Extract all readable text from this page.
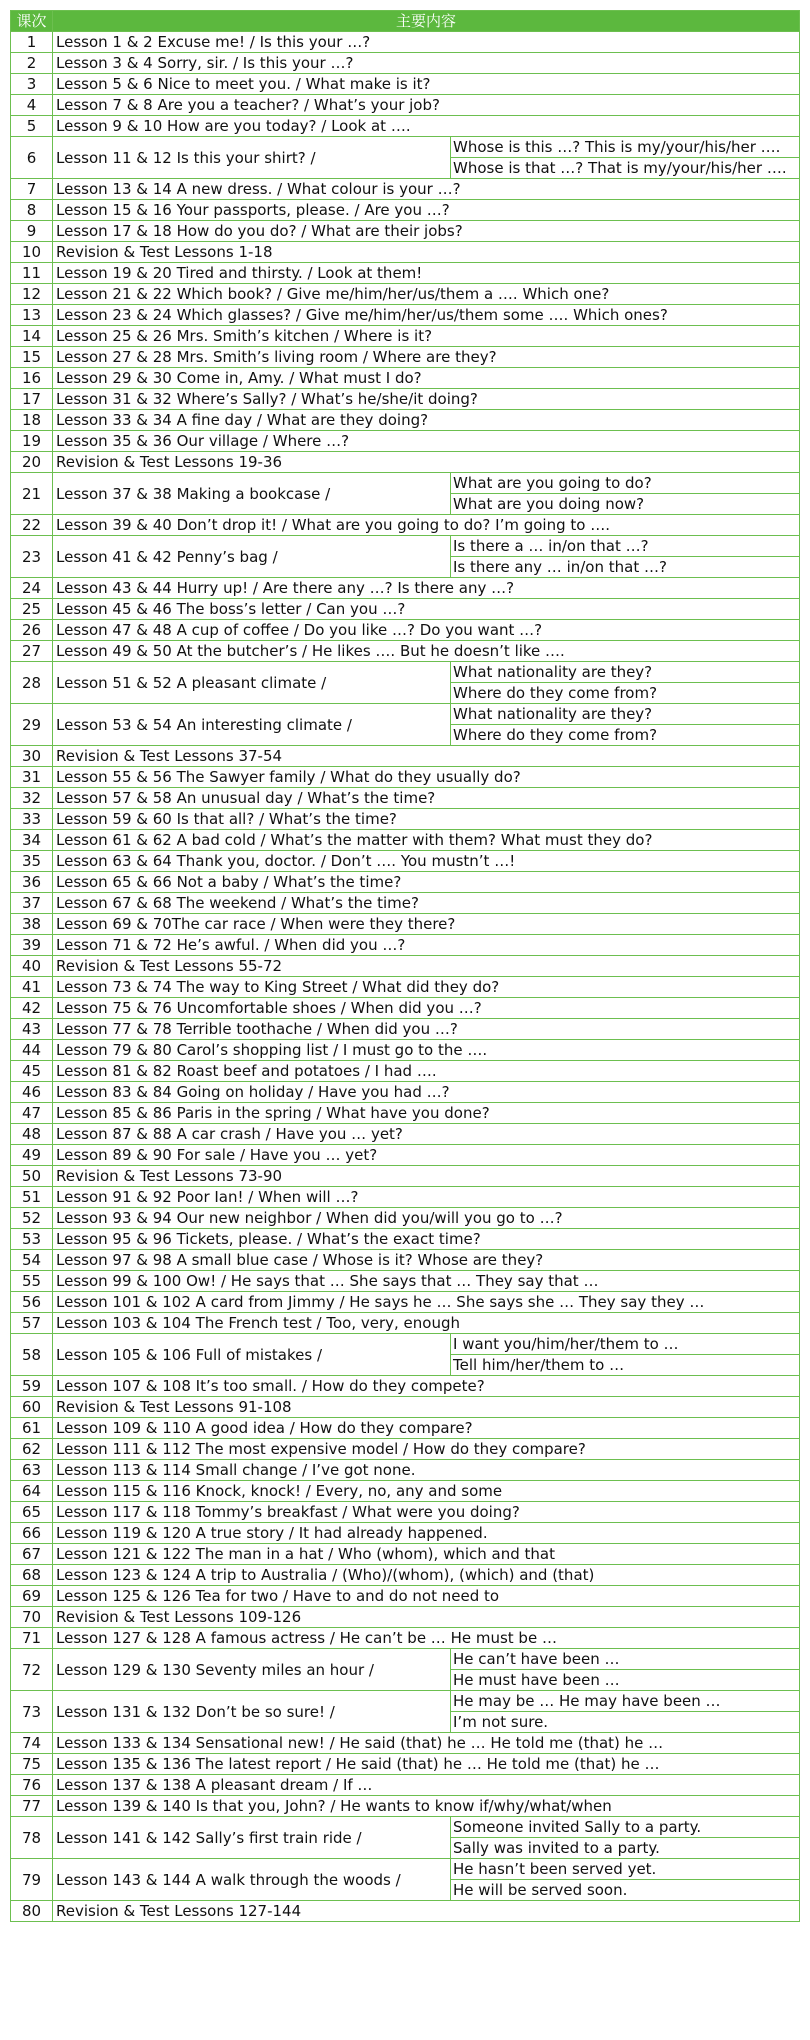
课次	主要内容	
1	Lesson 1 & 2 Excuse me! / Is this your …?	
2	Lesson 3 & 4 Sorry, sir. / Is this your …?	
3	Lesson 5 & 6 Nice to meet you. / What make is it?	
4	Lesson 7 & 8 Are you a teacher? / What’s your job?	
5	Lesson 9 & 10 How are you today? / Look at ….	
6	Lesson 11 & 12 Is this your shirt? /	Whose is this …? This is my/your/his/her ….
		Whose is that …? That is my/your/his/her ….
7	Lesson 13 & 14 A new dress. / What colour is your …?	
8	Lesson 15 & 16 Your passports, please. / Are you …?	
9	Lesson 17 & 18 How do you do? / What are their jobs?	
10	Revision & Test Lessons 1-18	
11	Lesson 19 & 20 Tired and thirsty. / Look at them!	
12	Lesson 21 & 22 Which book? / Give me/him/her/us/them a …. Which one?	
13	Lesson 23 & 24 Which glasses? / Give me/him/her/us/them some …. Which ones?	
14	Lesson 25 & 26 Mrs. Smith’s kitchen / Where is it?	
15	Lesson 27 & 28 Mrs. Smith’s living room / Where are they?	
16	Lesson 29 & 30 Come in, Amy. / What must I do?	
17	Lesson 31 & 32 Where’s Sally? / What’s he/she/it doing?	
18	Lesson 33 & 34 A fine day / What are they doing?	
19	Lesson 35 & 36 Our village / Where …?	
20	Revision & Test Lessons 19-36	
21	Lesson 37 & 38 Making a bookcase /	What are you going to do?
		What are you doing now?
22	Lesson 39 & 40 Don’t drop it! / What are you going to do? I’m going to ….	
23	Lesson 41 & 42 Penny’s bag /	Is there a … in/on that …?
		Is there any … in/on that …?
24	Lesson 43 & 44 Hurry up! / Are there any …? Is there any …?	
25	Lesson 45 & 46 The boss’s letter / Can you …?	
26	Lesson 47 & 48 A cup of coffee / Do you like …? Do you want …?	
27	Lesson 49 & 50 At the butcher’s / He likes …. But he doesn’t like ….	
28	Lesson 51 & 52 A pleasant climate /	What nationality are they?
		Where do they come from?
29	Lesson 53 & 54 An interesting climate /	What nationality are they?
		Where do they come from?
30	Revision & Test Lessons 37-54	
31	Lesson 55 & 56 The Sawyer family / What do they usually do?	
32	Lesson 57 & 58 An unusual day / What’s the time?	
33	Lesson 59 & 60 Is that all? / What’s the time?	
34	Lesson 61 & 62 A bad cold / What’s the matter with them? What must they do?	
35	Lesson 63 & 64 Thank you, doctor. / Don’t …. You mustn’t …!	
36	Lesson 65 & 66 Not a baby / What’s the time?	
37	Lesson 67 & 68 The weekend / What’s the time?	
38	Lesson 69 & 70The car race / When were they there?	
39	Lesson 71 & 72 He’s awful. / When did you …?	
40	Revision & Test Lessons 55-72	
41	Lesson 73 & 74 The way to King Street / What did they do?	
42	Lesson 75 & 76 Uncomfortable shoes / When did you …?	
43	Lesson 77 & 78 Terrible toothache / When did you …?	
44	Lesson 79 & 80 Carol’s shopping list / I must go to the ….	
45	Lesson 81 & 82 Roast beef and potatoes / I had ….	
46	Lesson 83 & 84 Going on holiday / Have you had …?	
47	Lesson 85 & 86 Paris in the spring / What have you done?	
48	Lesson 87 & 88 A car crash / Have you … yet?	
49	Lesson 89 & 90 For sale / Have you … yet?	
50	Revision & Test Lessons 73-90	
51	Lesson 91 & 92 Poor Ian! / When will …?	
52	Lesson 93 & 94 Our new neighbor / When did you/will you go to …?	
53	Lesson 95 & 96 Tickets, please. / What’s the exact time?	
54	Lesson 97 & 98 A small blue case / Whose is it? Whose are they?	
55	Lesson 99 & 100 Ow! / He says that … She says that … They say that …	
56	Lesson 101 & 102 A card from Jimmy / He says he … She says she … They say they …	
57	Lesson 103 & 104 The French test / Too, very, enough	
58	Lesson 105 & 106 Full of mistakes /	I want you/him/her/them to …
		Tell him/her/them to …
59	Lesson 107 & 108 It’s too small. / How do they compete?	
60	Revision & Test Lessons 91-108	
61	Lesson 109 & 110 A good idea / How do they compare?	
62	Lesson 111 & 112 The most expensive model / How do they compare?	
63	Lesson 113 & 114 Small change / I’ve got none.	
64	Lesson 115 & 116 Knock, knock! / Every, no, any and some	
65	Lesson 117 & 118 Tommy’s breakfast / What were you doing?	
66	Lesson 119 & 120 A true story / It had already happened.	
67	Lesson 121 & 122 The man in a hat / Who (whom), which and that	
68	Lesson 123 & 124 A trip to Australia / (Who)/(whom), (which) and (that)	
69	Lesson 125 & 126 Tea for two / Have to and do not need to	
70	Revision & Test Lessons 109-126	
71	Lesson 127 & 128 A famous actress / He can’t be … He must be …	
72	Lesson 129 & 130 Seventy miles an hour /	He can’t have been …
		He must have been …
73	Lesson 131 & 132 Don’t be so sure! /	He may be … He may have been …
		I’m not sure.
74	Lesson 133 & 134 Sensational new! / He said (that) he … He told me (that) he …	
75	Lesson 135 & 136 The latest report / He said (that) he … He told me (that) he …	
76	Lesson 137 & 138 A pleasant dream / If …	
77	Lesson 139 & 140 Is that you, John? / He wants to know if/why/what/when	
78	Lesson 141 & 142 Sally’s first train ride /	Someone invited Sally to a party.
		Sally was invited to a party.
79	Lesson 143 & 144 A walk through the woods /	He hasn’t been served yet.
		He will be served soon.
80	Revision & Test Lessons 127-144	
